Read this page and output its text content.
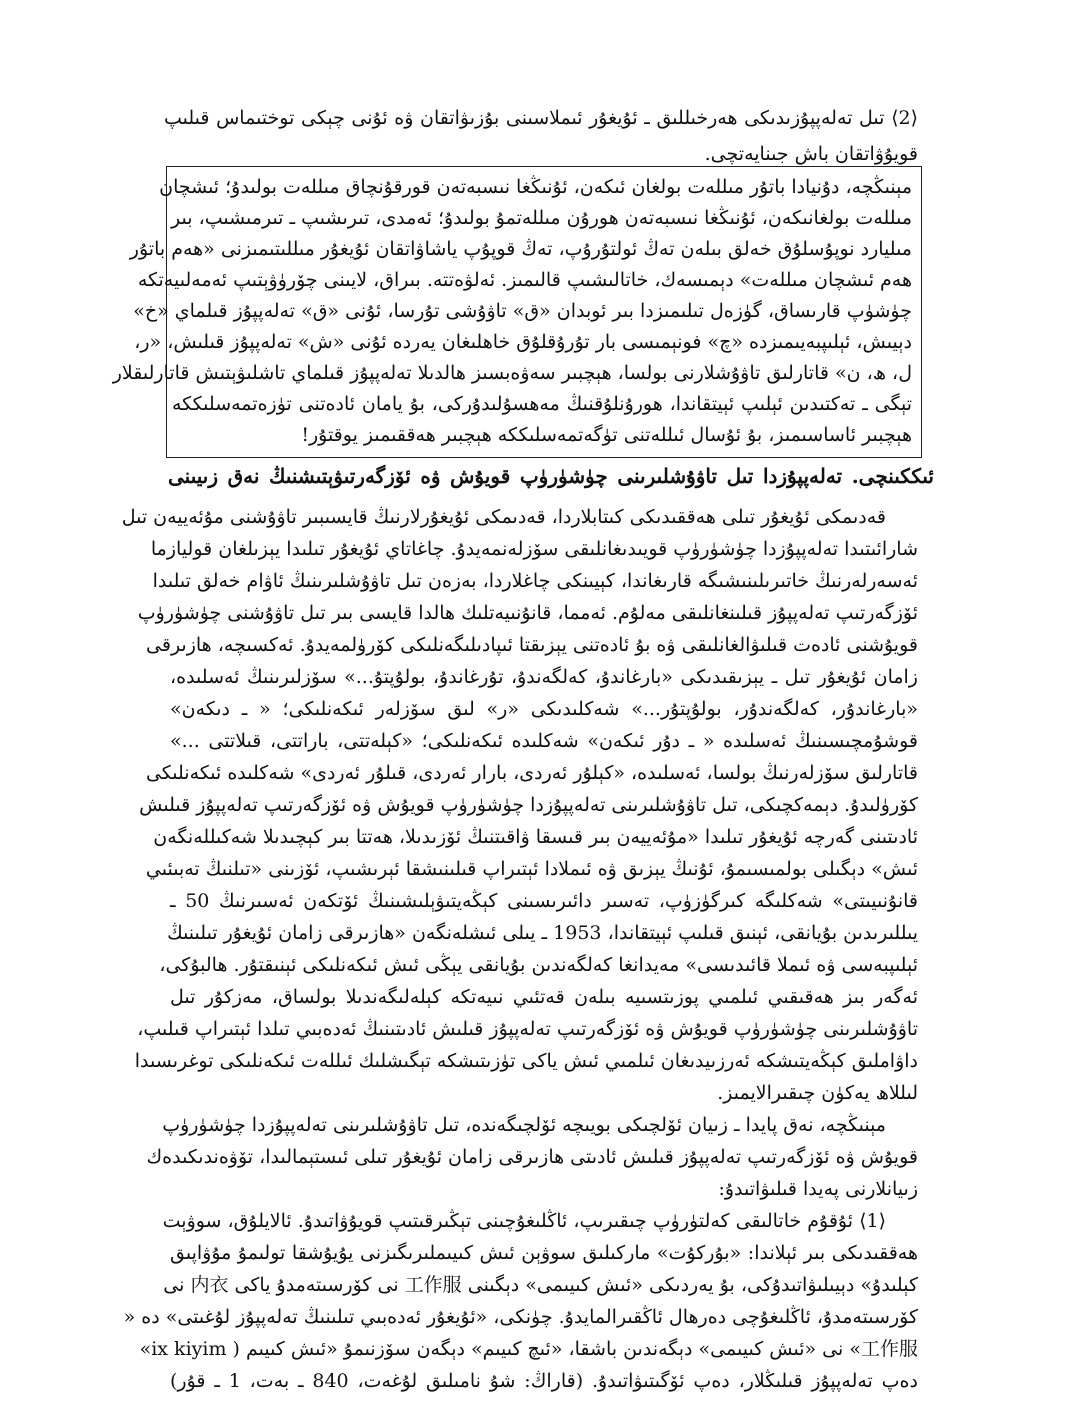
⟨2⟩ تىل تەلەپپۇزىدىكى ھەرخىللىق ـ ئۇيغۇر ئىملاسىنى بۇزىۋاتقان ۋە ئۇنى چېكى توختىماس قىلىپ
قويۇۋاتقان باش جىنايەتچى.
مېنىڭچە، دۇنيادا باتۇر مىللەت بولغان ئىكەن، ئۇنىڭغا نىسبەتەن قورقۇنچاق مىللەت بولىدۇ؛ ئىشچان
مىللەت بولغانىكەن، ئۇنىڭغا نىسبەتەن ھورۇن مىللەتمۇ بولىدۇ؛ ئەمدى، تىرىشىپ ـ تىرمىشىپ، بىر
مىليارد نوپۇسلۇق خەلق بىلەن تەڭ ئولتۇرۇپ، تەڭ قوپۇپ ياشاۋاتقان ئۇيغۇر مىللىتىمىزنى «ھەم باتۇر
ھەم ئىشچان مىللەت» دېمىسەك، خاتالىشىپ قالىمىز. ئەلۋەتتە. بىراق، لايىنى چۆرۈۋېتىپ ئەمەلىيەتكە
چۈشۈپ قارىساق، گۈزەل تىلىمىزدا بىر ئوبدان «ق» تاۋۇشى تۇرسا، ئۇنى «ق» تەلەپپۇز قىلماي «خ»
دېيىش، ئېلىپبەيىمىزدە «چ» فونېمىسى بار تۇرۇقلۇق خاھلىغان يەردە ئۇنى «ش» تەلەپپۇز قىلىش، «ر،
ل، ھ، ن» قاتارلىق تاۋۇشلارنى بولسا، ھېچبىر سەۋەبسىز ھالدىلا تەلەپپۇز قىلماي تاشلىۋېتىش قاتارلىقلار
تېگى ـ تەكتىدىن ئېلىپ ئېيتقاندا، ھورۇنلۇقنىڭ مەھسۇلىدۇركى، بۇ يامان ئادەتنى تۈزەتمەسلىككە
ھېچبىر ئاساسىمىز، بۇ ئۇسال ئىللەتنى تۈگەتمەسلىككە ھېچبىر ھەققىمىز يوقتۇر!
ئىككىنچى. تەلەپپۇزدا تىل تاۋۇشلىرىنى چۈشۈرۈپ قويۇش ۋە ئۆزگەرتىۋېتىشنىڭ نەق زىيىنى
قەدىمكى ئۇيغۇر تىلى ھەققىدىكى كىتابلاردا، قەدىمكى ئۇيغۇرلارنىڭ قايسىبىر تاۋۇشنى مۇئەييەن تىل
شارائىتىدا تەلەپپۇزدا چۈشۈرۈپ قويىدىغانلىقى سۆزلەنمەيدۇ. چاغاتاي ئۇيغۇر تىلىدا يېزىلغان قوليازما
ئەسەرلەرنىڭ خاتىرىلىنىشىگە قارىغاندا، كېيىنكى چاغلاردا، بەزەن تىل تاۋۇشلىرىنىڭ ئاۋام خەلق تىلىدا
ئۆزگەرتىپ تەلەپپۇز قىلىنغانلىقى مەلۇم. ئەمما، قانۇنىيەتلىك ھالدا قايسى بىر تىل تاۋۇشنى چۈشۈرۈپ
قويۇشنى ئادەت قىلىۋالغانلىقى ۋە بۇ ئادەتنى يېزىقتا ئىپادىلىگەنلىكى كۆرۈلمەيدۇ. ئەكسىچە، ھازىرقى
زامان ئۇيغۇر تىل ـ يېزىقىدىكى «بارغاندۇ، كەلگەندۇ، تۇرغاندۇ، بولۇپتۇ...» سۆزلىرىنىڭ ئەسلىدە،
«بارغاندۇر، كەلگەندۇر، بولۇپتۇر...» شەكلىدىكى «ر» لىق سۆزلەر ئىكەنلىكى؛ « ـ دىكەن»
قوشۇمچىسىنىڭ ئەسلىدە « ـ دۇر ئىكەن» شەكلىدە ئىكەنلىكى؛ «كېلەتتى، باراتتى، قىلاتتى ...»
قاتارلىق سۆزلەرنىڭ بولسا، ئەسلىدە، «كېلۇر ئەردى، بارار ئەردى، قىلۇر ئەردى» شەكلىدە ئىكەنلىكى
كۆرۈلىدۇ. دېمەكچىكى، تىل تاۋۇشلىرىنى تەلەپپۇزدا چۈشۈرۈپ قويۇش ۋە ئۆزگەرتىپ تەلەپپۇز قىلىش
ئادىتىنى گەرچە ئۇيغۇر تىلىدا «مۇئەييەن بىر قىسقا ۋاقىتنىڭ ئۆزىدىلا، ھەتتا بىر كېچىدىلا شەكىللەنگەن
ئىش» دېگىلى بولمىسىمۇ، ئۇنىڭ يېزىق ۋە ئىملادا ئېتىراپ قىلىنىشقا ئېرىشىپ، ئۆزىنى «تىلنىڭ تەبىئىي
قانۇنىيىتى» شەكلىگە كىرگۈزۈپ، تەسىر دائىرىسىنى كېڭەيتىۋېلىشىنىڭ ئۆتكەن ئەسىرنىڭ 50 ـ
يىللىرىدىن بۇيانقى، ئېنىق قىلىپ ئېيتقاندا، 1953 ـ يىلى ئىشلەنگەن «ھازىرقى زامان ئۇيغۇر تىلىنىڭ
ئېلىپبەسى ۋە ئىملا قائىدىسى» مەيدانغا كەلگەندىن بۇيانقى يېڭى ئىش ئىكەنلىكى ئېنىقتۇر. ھالبۇكى،
ئەگەر بىز ھەقىقىي ئىلمىي پوزىتسىيە بىلەن قەتئىي نىيەتكە كېلەلىگەندىلا بولساق، مەزكۇر تىل
تاۋۇشلىرىنى چۈشۈرۈپ قويۇش ۋە ئۆزگەرتىپ تەلەپپۇز قىلىش ئادىتىنىڭ ئەدەبىي تىلدا ئېتىراپ قىلىپ،
داۋاملىق كېڭەيتىشكە ئەرزىيدىغان ئىلمىي ئىش ياكى تۈزىتىشكە تېگىشلىك ئىللەت ئىكەنلىكى توغرىسىدا
لىللاھ يەكۈن چىقىرالايمىز.
مېنىڭچە، نەق پايدا ـ زىيان ئۆلچىكى بويىچە ئۆلچىگەندە، تىل تاۋۇشلىرىنى تەلەپپۇزدا چۈشۈرۈپ
قويۇش ۋە ئۆزگەرتىپ تەلەپپۇز قىلىش ئادىتى ھازىرقى زامان ئۇيغۇر تىلى ئىستېمالىدا، تۆۋەندىكىدەك
زىيانلارنى پەيدا قىلىۋاتىدۇ:
⟨1⟩ ئۇقۇم خاتالىقى كەلتۈرۈپ چىقىرىپ، ئاڭلىغۇچىنى تېڭىرقىتىپ قويۇۋاتىدۇ. ئالايلۇق، سوۋېت
ھەققىدىكى بىر ئېلاندا: «بۇركۇت» ماركىلىق سوۋېن ئىش كىيىملىرىگىزنى يۇيۇشقا تولىمۇ مۇۋاپىق
كېلىدۇ» دېيىلىۋاتىدۇكى، بۇ يەردىكى «ئىش كىيىمى» دېگىنى 工作服 نى كۆرسىتەمدۇ ياكى 内衣 نى
كۆرسىتەمدۇ، ئاڭلىغۇچى دەرھال ئاڭقىرالمايدۇ. چۈنكى، «ئۇيغۇر ئەدەبىي تىلىنىڭ تەلەپپۇز لۇغىتى» دە «
工作服» نى «ئىش كىيىمى» دېگەندىن باشقا، «ئىچ كىيىم» دېگەن سۆزنىمۇ «ئىش كىيىم ( ix kiyim»
دەپ تەلەپپۇز قىلىڭلار، دەپ ئۆگىتىۋاتىدۇ. (قاراڭ: شۇ نامىلىق لۇغەت، 840 ـ بەت، 1 ـ قۇر)
